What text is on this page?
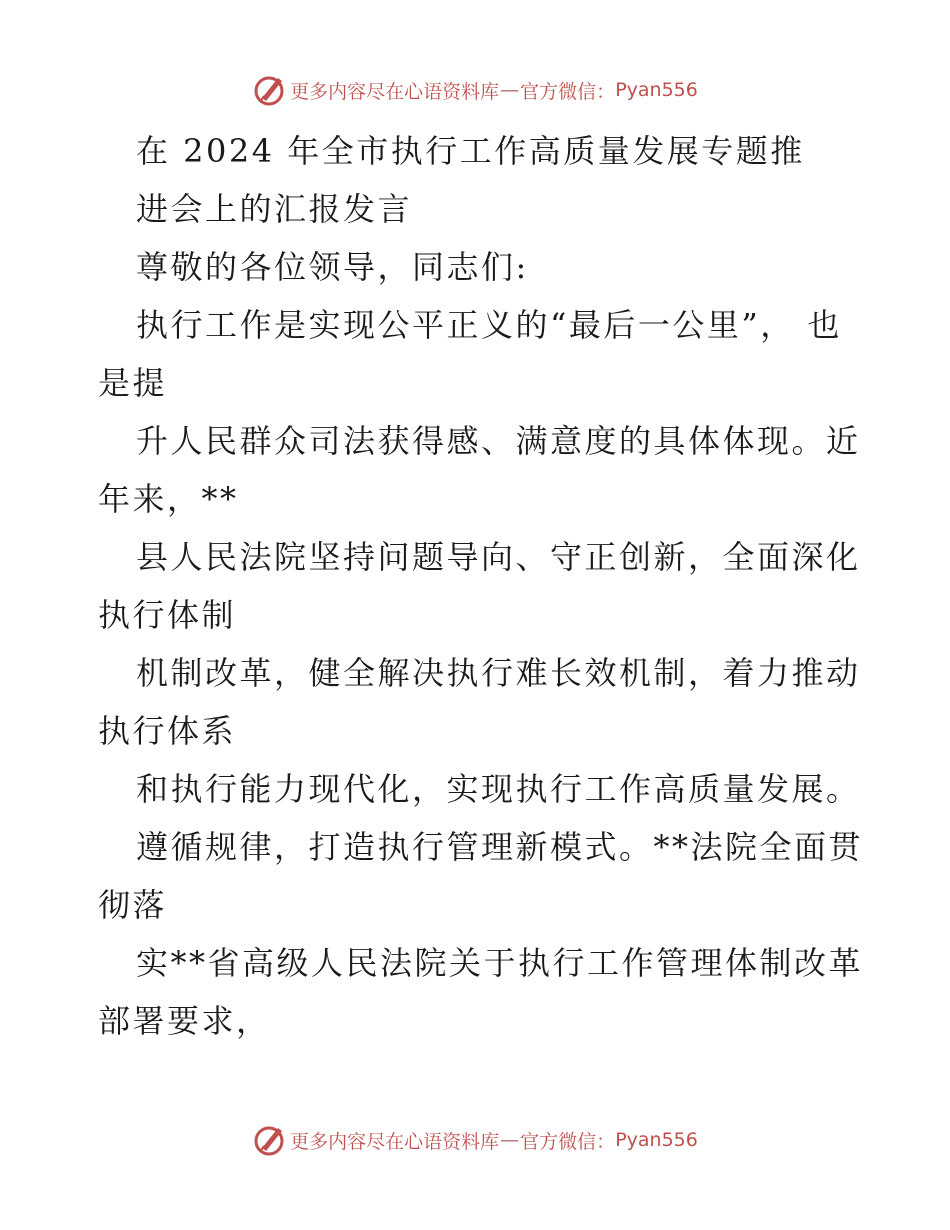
更多内容尽在心语资料库 — 官方微信： Pyan556
在 2024 年全市执行工作高质量发展专题推
进会上的汇报发言
尊敬的各位领导，同志们:
执行工作是实现公平正义的“最后一公里”， 也
是提
升人民群众司法获得感、满意度的具体体现。近
年来，**
县人民法院坚持问题导向、守正创新，全面深化
执行体制
机制改革，健全解决执行难长效机制，着力推动
执行体系
和执行能力现代化，实现执行工作高质量发展。
遵循规律，打造执行管理新模式。**法院全面贯
彻落
实**省高级人民法院关于执行工作管理体制改革
部署要求，
更多内容尽在心语资料库 — 官方微信： Pyan556
